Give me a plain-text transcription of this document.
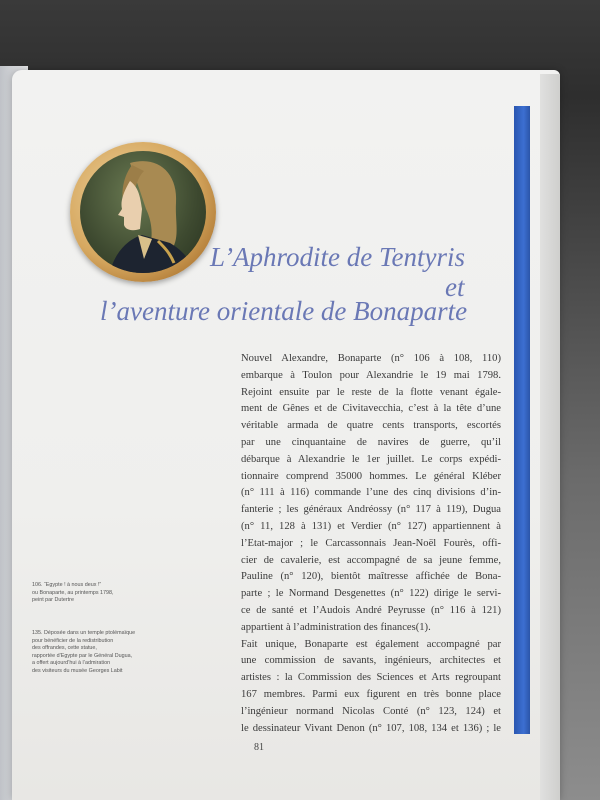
L’Aphrodite de Tentyris
et
l’aventure orientale de Bonaparte
Nouvel Alexandre, Bonaparte (n° 106 à 108, 110)
embarque à Toulon pour Alexandrie le 19 mai 1798.
Rejoint ensuite par le reste de la flotte venant égale-
ment de Gênes et de Civitavecchia, c’est à la tête d’une
véritable armada de quatre cents transports, escortés
par une cinquantaine de navires de guerre, qu’il
débarque à Alexandrie le 1er juillet. Le corps expédi-
tionnaire comprend 35000 hommes. Le général Kléber
(n° 111 à 116) commande l’une des cinq divisions d’in-
fanterie ; les généraux Andréossy (n° 117 à 119), Dugua
(n° 11, 128 à 131) et Verdier (n° 127) appartiennent à
l’Etat-major ; le Carcassonnais Jean-Noël Fourès, offi-
cier de cavalerie, est accompagné de sa jeune femme,
Pauline (n° 120), bientôt maîtresse affichée de Bona-
parte ; le Normand Desgenettes (n° 122) dirige le servi-
ce de santé et l’Audois André Peyrusse (n° 116 à 121)
appartient à l’administration des finances(1).
Fait unique, Bonaparte est également accompagné par
une commission de savants, ingénieurs, architectes et
artistes : la Commission des Sciences et Arts regroupant
167 membres. Parmi eux figurent en très bonne place
l’ingénieur normand Nicolas Conté (n° 123, 124) et
le dessinateur Vivant Denon (n° 107, 108, 134 et 136) ; le
106. “Egypte ! à nous deux !”
ou Bonaparte, au printemps 1798,
peint par Dutertre
135. Déposée dans un temple ptolémaïque
pour bénéficier de la redistribution
des offrandes, cette statue,
rapportée d’Egypte par le Général Dugua,
a offert aujourd’hui à l’admiration
des visiteurs du musée Georges Labit
81
